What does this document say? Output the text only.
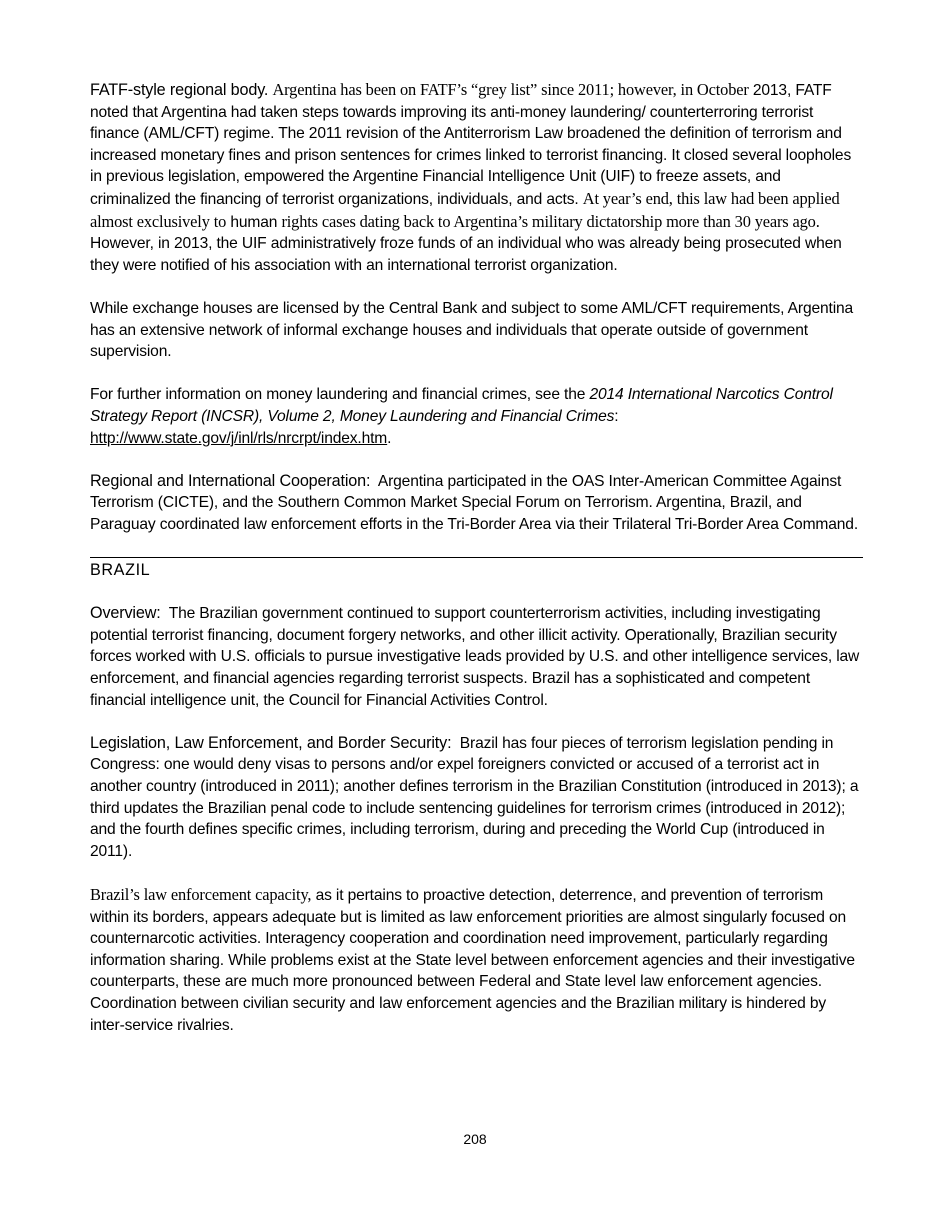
FATF-style regional body. Argentina has been on FATF’s “grey list” since 2011; however, in October 2013, FATF noted that Argentina had taken steps towards improving its anti-money laundering/ counterterroring terrorist finance (AML/CFT) regime. The 2011 revision of the Antiterrorism Law broadened the definition of terrorism and increased monetary fines and prison sentences for crimes linked to terrorist financing. It closed several loopholes in previous legislation, empowered the Argentine Financial Intelligence Unit (UIF) to freeze assets, and criminalized the financing of terrorist organizations, individuals, and acts. At year’s end, this law had been applied almost exclusively to human rights cases dating back to Argentina’s military dictatorship more than 30 years ago. However, in 2013, the UIF administratively froze funds of an individual who was already being prosecuted when they were notified of his association with an international terrorist organization.

While exchange houses are licensed by the Central Bank and subject to some AML/CFT requirements, Argentina has an extensive network of informal exchange houses and individuals that operate outside of government supervision.

For further information on money laundering and financial crimes, see the 2014 International Narcotics Control Strategy Report (INCSR), Volume 2, Money Laundering and Financial Crimes: http://www.state.gov/j/inl/rls/nrcrpt/index.htm.

Regional and International Cooperation: Argentina participated in the OAS Inter-American Committee Against Terrorism (CICTE), and the Southern Common Market Special Forum on Terrorism. Argentina, Brazil, and Paraguay coordinated law enforcement efforts in the Tri-Border Area via their Trilateral Tri-Border Area Command.

BRAZIL

Overview: The Brazilian government continued to support counterterrorism activities, including investigating potential terrorist financing, document forgery networks, and other illicit activity. Operationally, Brazilian security forces worked with U.S. officials to pursue investigative leads provided by U.S. and other intelligence services, law enforcement, and financial agencies regarding terrorist suspects. Brazil has a sophisticated and competent financial intelligence unit, the Council for Financial Activities Control.

Legislation, Law Enforcement, and Border Security: Brazil has four pieces of terrorism legislation pending in Congress: one would deny visas to persons and/or expel foreigners convicted or accused of a terrorist act in another country (introduced in 2011); another defines terrorism in the Brazilian Constitution (introduced in 2013); a third updates the Brazilian penal code to include sentencing guidelines for terrorism crimes (introduced in 2012); and the fourth defines specific crimes, including terrorism, during and preceding the World Cup (introduced in 2011).

Brazil’s law enforcement capacity, as it pertains to proactive detection, deterrence, and prevention of terrorism within its borders, appears adequate but is limited as law enforcement priorities are almost singularly focused on counternarcotic activities. Interagency cooperation and coordination need improvement, particularly regarding information sharing. While problems exist at the State level between enforcement agencies and their investigative counterparts, these are much more pronounced between Federal and State level law enforcement agencies. Coordination between civilian security and law enforcement agencies and the Brazilian military is hindered by inter-service rivalries.

208
